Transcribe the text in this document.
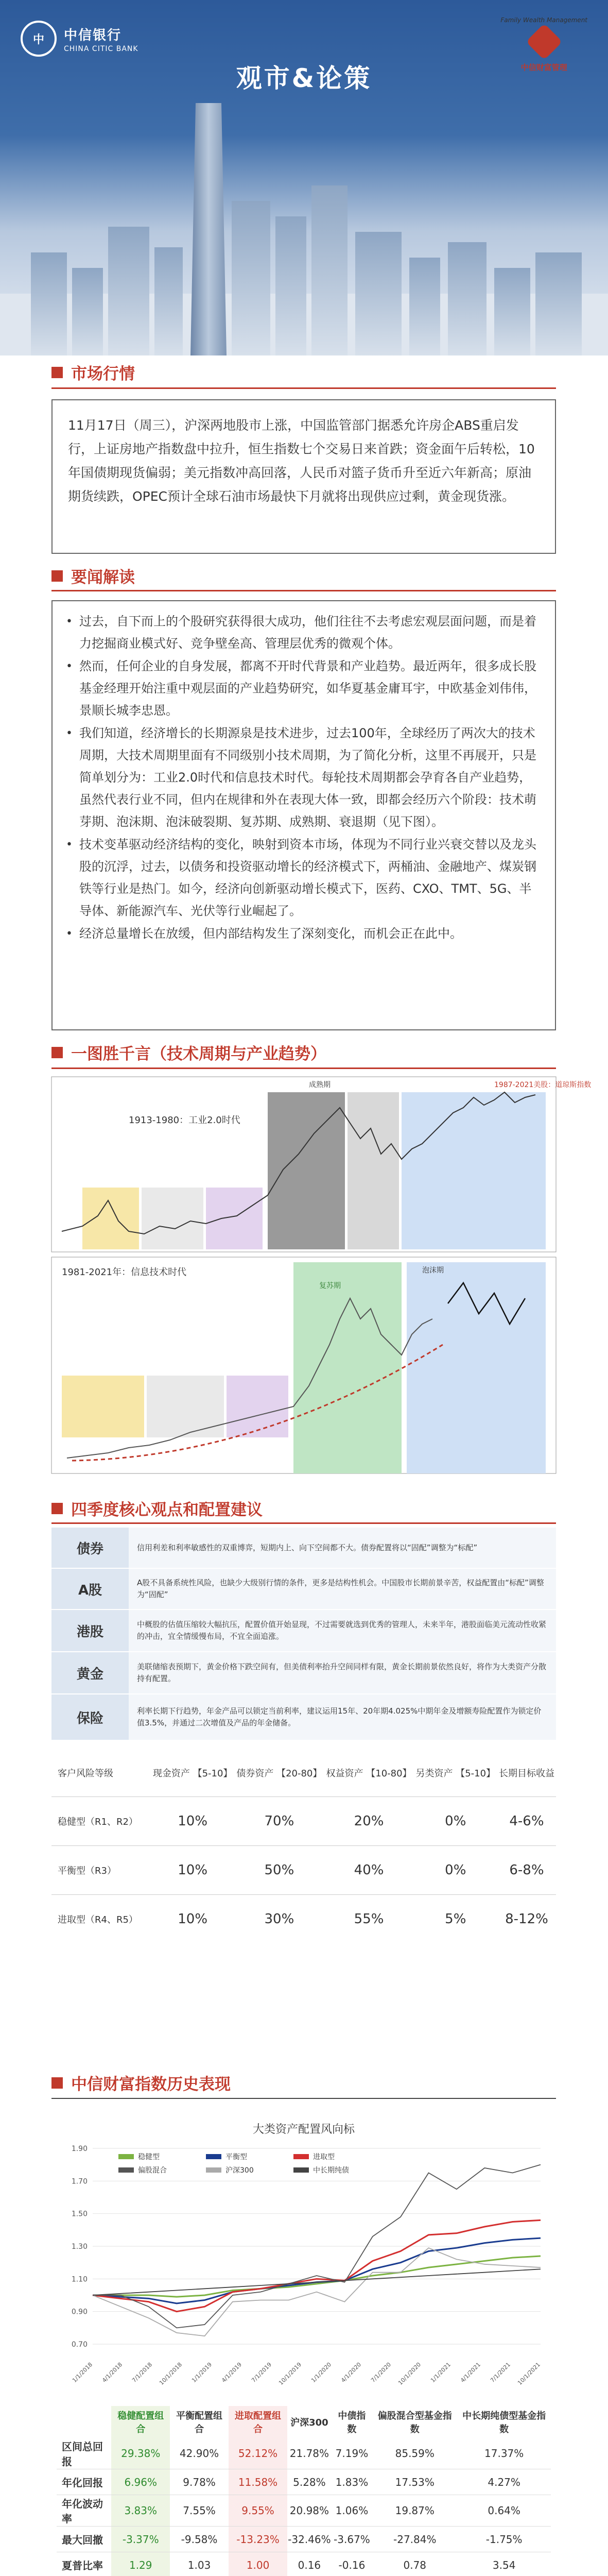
中	中信银行
CHINA CITIC BANK
Family Wealth Management
中信财富管理
观市&论策
市场行情
11月17日（周三），沪深两地股市上涨，中国监管部门据悉允许房企ABS重启发行，上证房地产指数盘中拉升，恒生指数七个交易日来首跌；资金面午后转松，10年国债期现货偏弱；美元指数冲高回落，人民币对篮子货币升至近六年新高；原油期货续跌，OPEC预计全球石油市场最快下月就将出现供应过剩，黄金现货涨。
要闻解读
• 过去，自下而上的个股研究获得很大成功，他们往往不去考虑宏观层面问题，而是着力挖掘商业模式好、竞争壁垒高、管理层优秀的微观个体。
• 然而，任何企业的自身发展，都离不开时代背景和产业趋势。最近两年，很多成长股基金经理开始注重中观层面的产业趋势研究，如华夏基金庸耳宇，中欧基金刘伟伟，景顺长城李忠恩。
• 我们知道，经济增长的长期源泉是技术进步，过去100年，全球经历了两次大的技术周期，大技术周期里面有不同级别小技术周期，为了简化分析，这里不再展开，只是简单划分为：工业2.0时代和信息技术时代。每轮技术周期都会孕育各自产业趋势，虽然代表行业不同，但内在规律和外在表现大体一致，即都会经历六个阶段：技术萌芽期、泡沫期、泡沫破裂期、复苏期、成熟期、衰退期（见下图）。
• 技术变革驱动经济结构的变化，映射到资本市场，体现为不同行业兴衰交替以及龙头股的沉浮，过去，以债务和投资驱动增长的经济模式下，两桶油、金融地产、煤炭钢铁等行业是热门。如今，经济向创新驱动增长模式下，医药、CXO、TMT、5G、半导体、新能源汽车、光伏等行业崛起了。
• 经济总量增长在放缓，但内部结构发生了深刻变化，而机会正在此中。
一图胜千言（技术周期与产业趋势）
1913-1980：工业2.0时代
成熟期	1987-2021美股：道琼斯指数
1981-2021年：信息技术时代
复苏期
泡沫期
四季度核心观点和配置建议
债券	信用利差和利率敏感性的双重博弈，短期内上、向下空间都不大。债券配置将以“固配”调整为“标配”
A股	A股不具备系统性风险，也缺少大级别行情的条件，更多是结构性机会。中国股市长期前景辛苦，权益配置由“标配”调整为“固配”
港股	中概股的估值压缩较大幅抗压，配置价值开始显现，不过需要就选到优秀的管理人，未来半年，港股面临美元流动性收紧的冲击，宜全情缓慢布局，不宜全面追涨。
黄金	美联储缩表预期下，黄金价格下跌空间有，但美债利率抬升空间同样有限，黄金长期前景依然良好，将作为大类资产分散持有配置。
保险	利率长期下行趋势，年金产品可以锁定当前利率，建议运用15年、20年期4.025%中期年金及增额寿险配置作为锁定价值3.5%，并通过二次增值及产品的年金储备。
客户风险等级	现金资产 【5-10】	债券资产 【20-80】	权益资产 【10-80】	另类资产 【5-10】	长期目标收益
稳健型（R1、R2）	10%	70%	20%	0%	4-6%
平衡型（R3）	10%	50%	40%	0%	6-8%
进取型（R4、R5）	10%	30%	55%	5%	8-12%
中信财富指数历史表现
大类资产配置风向标
0.70
0.90
1.10
1.30
1.50
1.70
1.90
稳健型	平衡型	进取型
偏股混合	沪深300	中长期纯债
1/1/2018 4/1/2018 7/1/2018 10/1/2018 1/1/2019 4/1/2019 7/1/2019 10/1/2019 1/1/2020 4/1/2020 7/1/2020 10/1/2020 1/1/2021 4/1/2021 7/1/2021 10/1/2021
	稳健配置组合	平衡配置组合	进取配置组合	沪深300	中债指数	偏股混合型基金指数	中长期纯债型基金指数
区间总回报	29.38%	42.90%	52.12%	21.78%	7.19%	85.59%	17.37%
年化回报	6.96%	9.78%	11.58%	5.28%	1.83%	17.53%	4.27%
年化波动率	3.83%	7.55%	9.55%	20.98%	1.06%	19.87%	0.64%
最大回撤	-3.37%	-9.58%	-13.23%	-32.46%	-3.67%	-27.84%	-1.75%
夏普比率	1.29	1.03	1.00	0.16	-0.16	0.78	3.54
